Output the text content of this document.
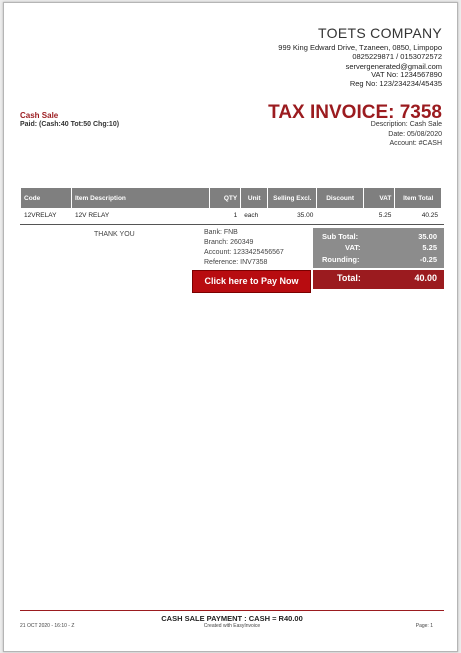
TOETS COMPANY
999 King Edward Drive, Tzaneen, 0850, Limpopo
0825229871 / 0153072572
servergenerated@gmail.com
VAT No: 1234567890
Reg No: 123/234234/45435
Cash Sale
Paid: (Cash:40 Tot:50 Chg:10)
TAX INVOICE: 7358
Description: Cash Sale
Date: 05/08/2020
Account: #CASH
Code	Item Description	QTY	Unit	Selling Excl.	Discount	VAT	Item Total
12VRELAY	12V RELAY	1	each	35.00		5.25	40.25
THANK YOU	Bank: FNB
Branch: 260349
Account: 1233425456567
Reference: INV7358
Click here to Pay Now
Sub Total:	35.00
VAT:	5.25
Rounding:	-0.25
Total:	40.00
CASH SALE PAYMENT : CASH = R40.00
21 OCT 2020 - 16:10 - Z	Created with EasyInvoice	Page: 1
